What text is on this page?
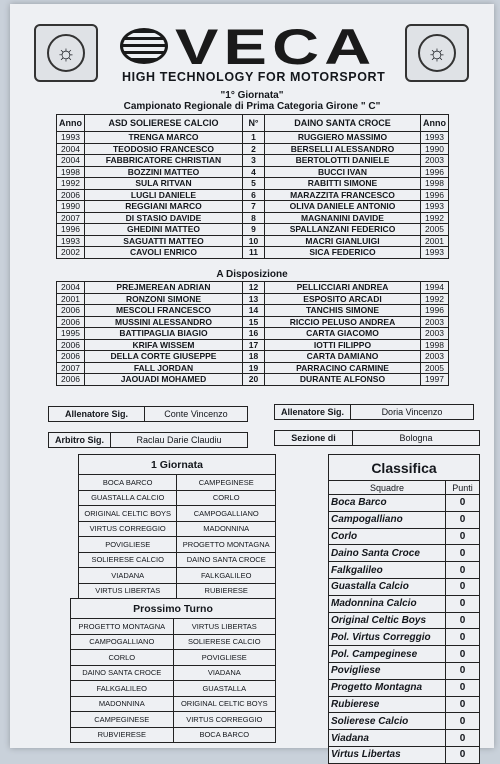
☼	☼
VECA
HIGH TECHNOLOGY FOR MOTORSPORT
"1° Giornata"
Campionato Regionale di Prima Categoria Girone " C"
Anno	ASD SOLIERESE CALCIO	N°	DAINO SANTA CROCE	Anno
1993	TRENGA MARCO	1	RUGGIERO MASSIMO	1993
2004	TEODOSIO FRANCESCO	2	BERSELLI ALESSANDRO	1990
2004	FABBRICATORE CHRISTIAN	3	BERTOLOTTI DANIELE	2003
1998	BOZZINI MATTEO	4	BUCCI IVAN	1996
1992	SULA RITVAN	5	RABITTI SIMONE	1998
2006	LUGLI DANIELE	6	MARAZZITA FRANCESCO	1996
1990	REGGIANI MARCO	7	OLIVA DANIELE ANTONIO	1993
2007	DI STASIO DAVIDE	8	MAGNANINI DAVIDE	1992
1996	GHEDINI MATTEO	9	SPALLANZANI FEDERICO	2005
1993	SAGUATTI MATTEO	10	MACRI GIANLUIGI	2001
2002	CAVOLI ENRICO	11	SICA FEDERICO	1993
A Disposizione
2004	PREJMEREAN ADRIAN	12	PELLICCIARI ANDREA	1994
2001	RONZONI SIMONE	13	ESPOSITO ARCADI	1992
2006	MESCOLI FRANCESCO	14	TANCHIS SIMONE	1996
2006	MUSSINI ALESSANDRO	15	RICCIO PELUSO ANDREA	2003
1995	BATTIPAGLIA BIAGIO	16	CARTA GIACOMO	2003
2006	KRIFA WISSEM	17	IOTTI FILIPPO	1998
2006	DELLA CORTE GIUSEPPE	18	CARTA DAMIANO	2003
2007	FALL JORDAN	19	PARRACINO CARMINE	2005
2006	JAOUADI MOHAMED	20	DURANTE ALFONSO	1997
Allenatore Sig.	Conte Vincenzo	Allenatore Sig.	Doria Vincenzo
Arbitro Sig.	Raclau Darie Claudiu	Sezione di	Bologna
1 Giornata	
BOCA BARCO	CAMPEGINESE
GUASTALLA CALCIO	CORLO
ORIGINAL CELTIC BOYS	CAMPOGALLIANO
VIRTUS CORREGGIO	MADONNINA
POVIGLIESE	PROGETTO MONTAGNA
SOLIERESE CALCIO	DAINO SANTA CROCE
VIADANA	FALKGALILEO
VIRTUS LIBERTAS	RUBIERESE
Prossimo Turno	
PROGETTO MONTAGNA	VIRTUS LIBERTAS
CAMPOGALLIANO	SOLIERESE CALCIO
CORLO	POVIGLIESE
DAINO SANTA CROCE	VIADANA
FALKGALILEO	GUASTALLA
MADONNINA	ORIGINAL CELTIC BOYS
CAMPEGINESE	VIRTUS CORREGGIO
RUBVIERESE	BOCA BARCO
Classifica	
Squadre	Punti
Boca Barco	0
Campogalliano	0
Corlo	0
Daino Santa Croce	0
Falkgalileo	0
Guastalla Calcio	0
Madonnina Calcio	0
Original Celtic Boys	0
Pol. Virtus Correggio	0
Pol. Campeginese	0
Povigliese	0
Progetto Montagna	0
Rubierese	0
Solierese Calcio	0
Viadana	0
Virtus Libertas	0
